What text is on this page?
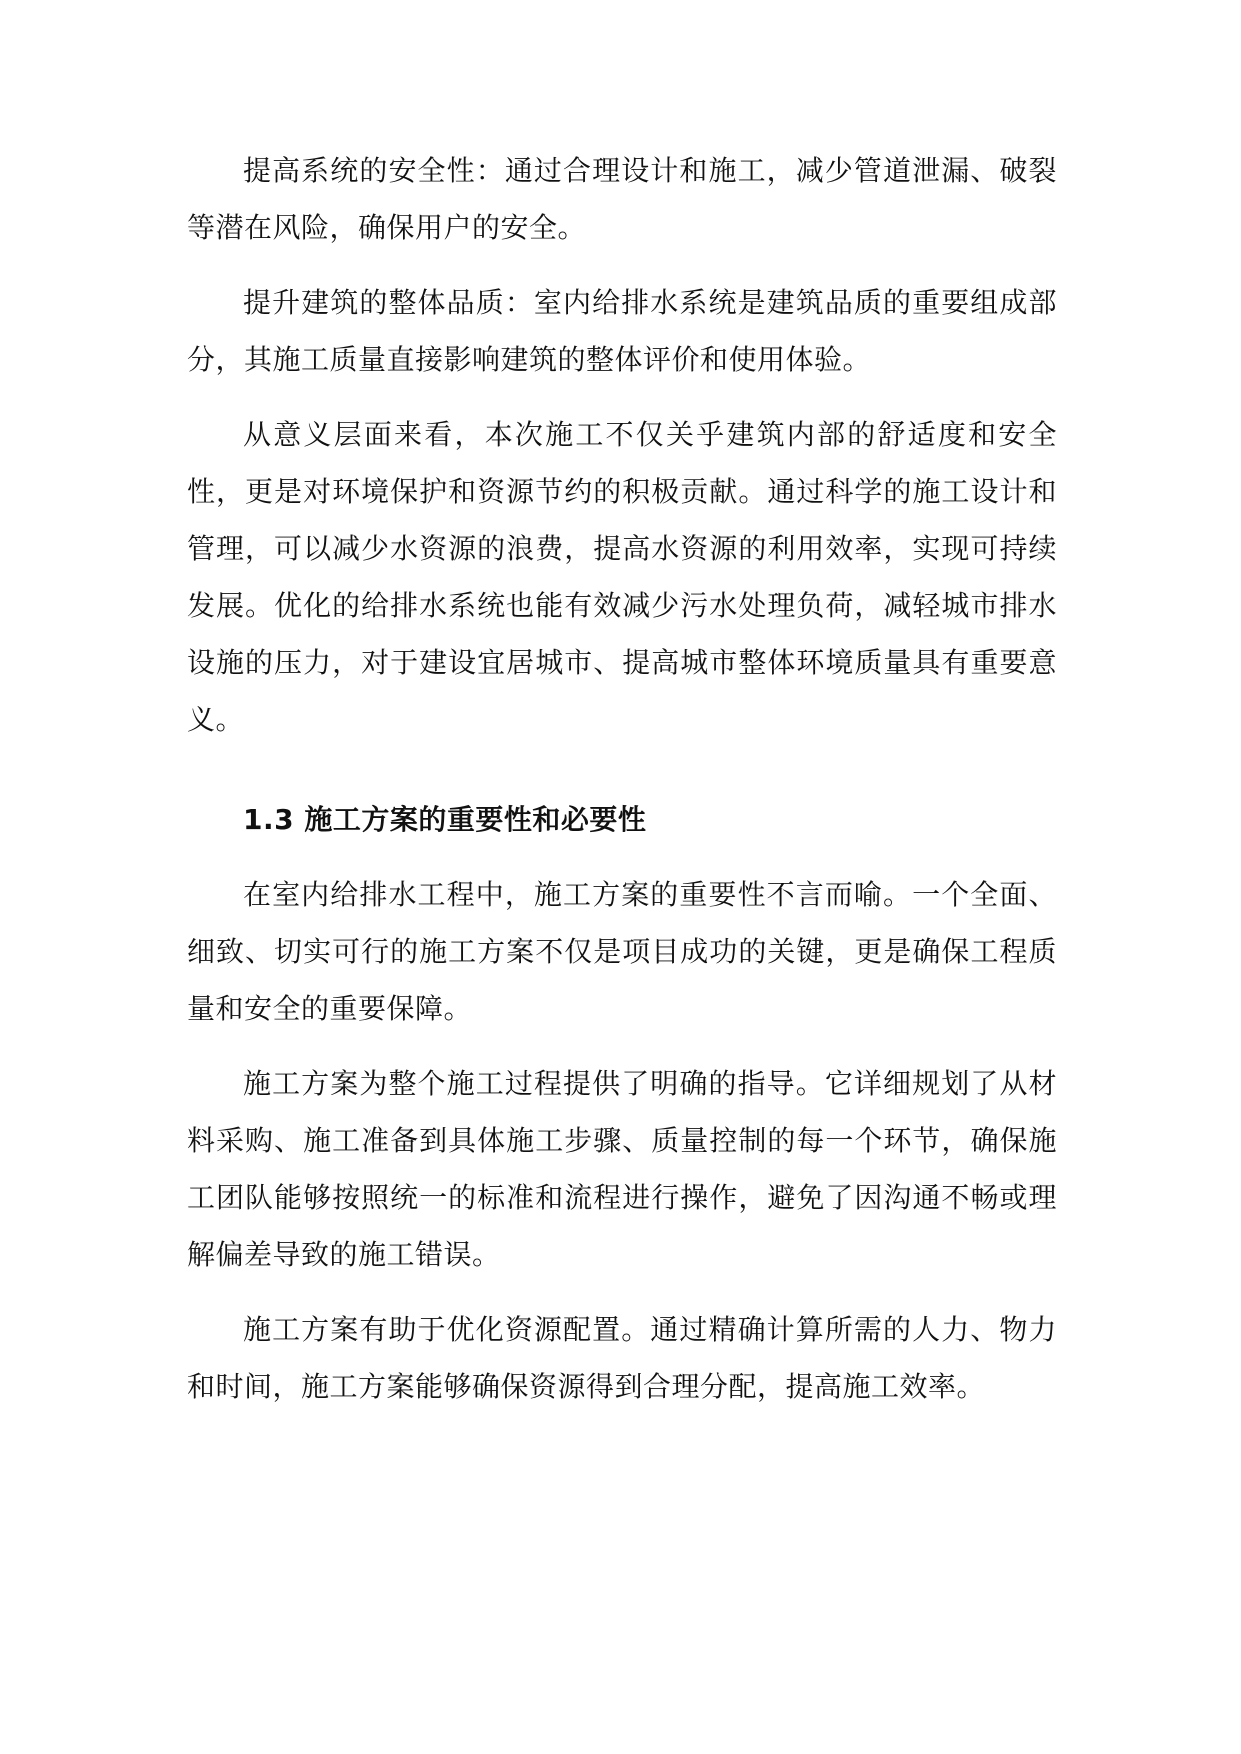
提高系统的安全性：通过合理设计和施工，减少管道泄漏、破裂等潜在风险，确保用户的安全。

提升建筑的整体品质：室内给排水系统是建筑品质的重要组成部分，其施工质量直接影响建筑的整体评价和使用体验。

从意义层面来看，本次施工不仅关乎建筑内部的舒适度和安全性，更是对环境保护和资源节约的积极贡献。通过科学的施工设计和管理，可以减少水资源的浪费，提高水资源的利用效率，实现可持续发展。优化的给排水系统也能有效减少污水处理负荷，减轻城市排水设施的压力，对于建设宜居城市、提高城市整体环境质量具有重要意义。

1.3 施工方案的重要性和必要性

在室内给排水工程中，施工方案的重要性不言而喻。一个全面、细致、切实可行的施工方案不仅是项目成功的关键，更是确保工程质量和安全的重要保障。

施工方案为整个施工过程提供了明确的指导。它详细规划了从材料采购、施工准备到具体施工步骤、质量控制的每一个环节，确保施工团队能够按照统一的标准和流程进行操作，避免了因沟通不畅或理解偏差导致的施工错误。

施工方案有助于优化资源配置。通过精确计算所需的人力、物力和时间，施工方案能够确保资源得到合理分配，提高施工效率。
